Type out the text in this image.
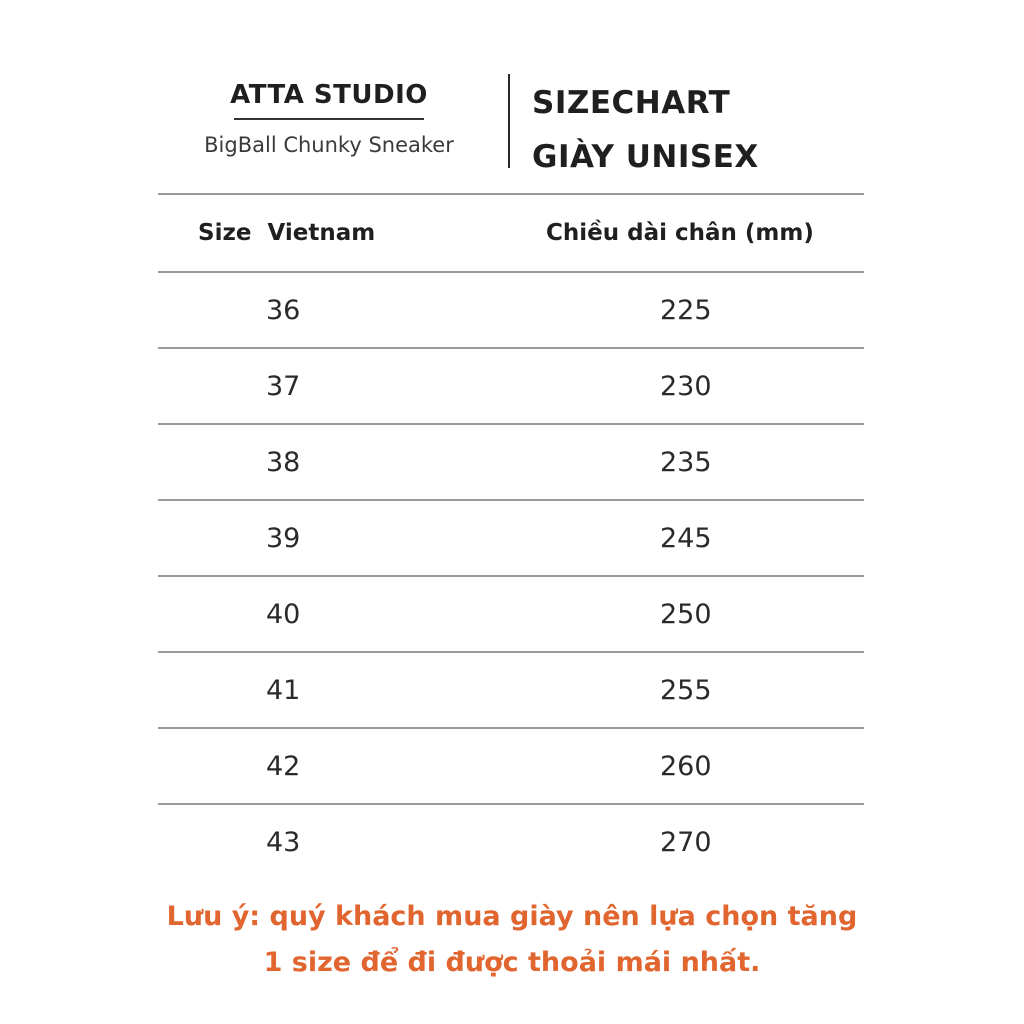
ATTA STUDIO
BigBall Chunky Sneaker
SIZECHART
GIÀY UNISEX
Size  Vietnam	Chiều dài chân (mm)
36	225
37	230
38	235
39	245
40	250
41	255
42	260
43	270
Lưu ý: quý khách mua giày nên lựa chọn tăng
1 size để đi được thoải mái nhất.
